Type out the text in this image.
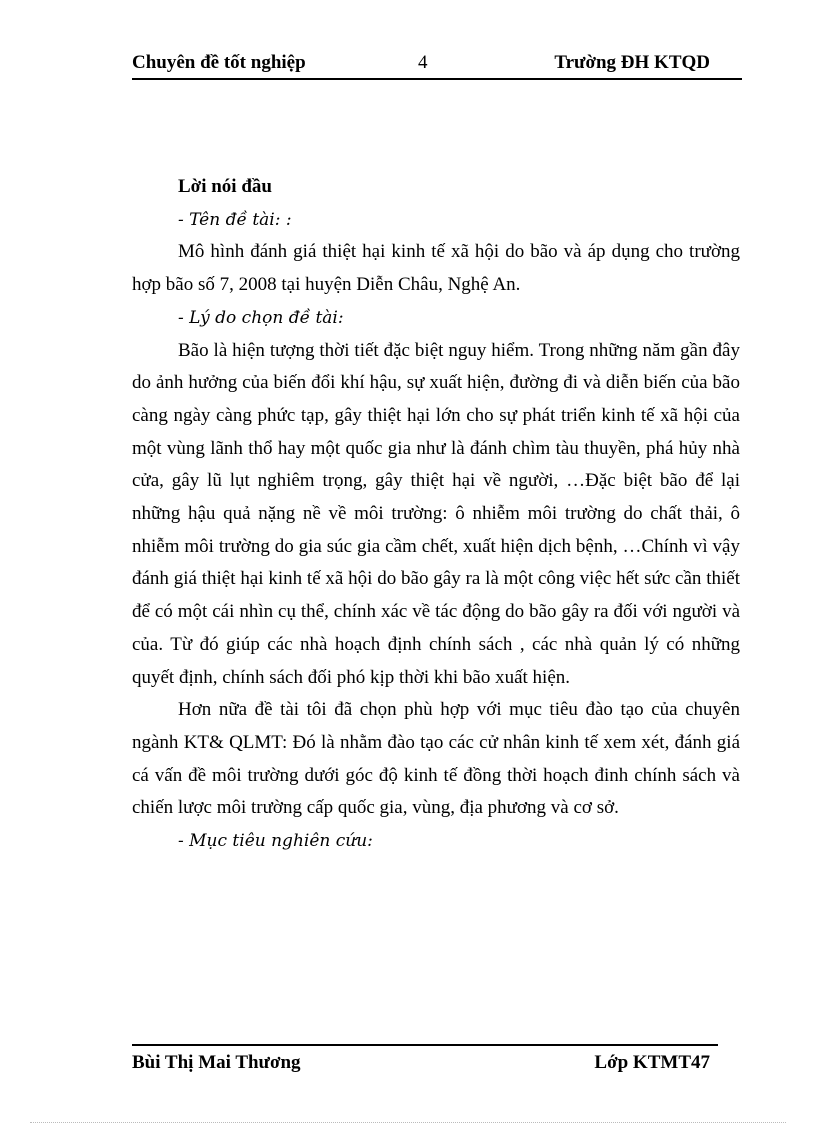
Chuyên đề tốt nghiệp	4	Trường ĐH KTQD

Lời nói đầu

- Tên đề tài: :

Mô hình đánh giá thiệt hại kinh tế xã hội do bão và áp dụng cho trường hợp bão số 7, 2008 tại huyện Diễn Châu, Nghệ An.

- Lý do chọn đề tài:

Bão là hiện tượng thời tiết đặc biệt nguy hiểm. Trong những năm gần đây do ảnh hưởng của biến đổi khí hậu, sự xuất hiện, đường đi và diễn biến của bão càng ngày càng phức tạp, gây thiệt hại lớn cho sự phát triển kinh tế xã hội của một vùng lãnh thổ hay một quốc gia như là đánh chìm tàu thuyền, phá hủy nhà cửa, gây lũ lụt nghiêm trọng, gây thiệt hại về người, …Đặc biệt bão để lại những hậu quả nặng nề về môi trường: ô nhiễm môi trường do chất thải, ô nhiễm môi trường do gia súc gia cầm chết, xuất hiện dịch bệnh, …Chính vì vậy đánh giá thiệt hại kinh tế xã hội do bão gây ra là một công việc hết sức cần thiết để có một cái nhìn cụ thể, chính xác về tác động do bão gây ra đối với người và của. Từ đó giúp các nhà hoạch định chính sách , các nhà quản lý có những quyết định, chính sách đối phó kịp thời khi bão xuất hiện.

Hơn nữa đề tài tôi đã chọn phù hợp với mục tiêu đào tạo của chuyên ngành KT& QLMT: Đó là nhằm đào tạo các cử nhân kinh tế xem xét, đánh giá cá vấn đề môi trường dưới góc độ kinh tế đồng thời hoạch đinh chính sách và chiến lược môi trường cấp quốc gia, vùng, địa phương và cơ sở.

- Mục tiêu nghiên cứu:

Bùi Thị Mai Thương	Lớp KTMT47
